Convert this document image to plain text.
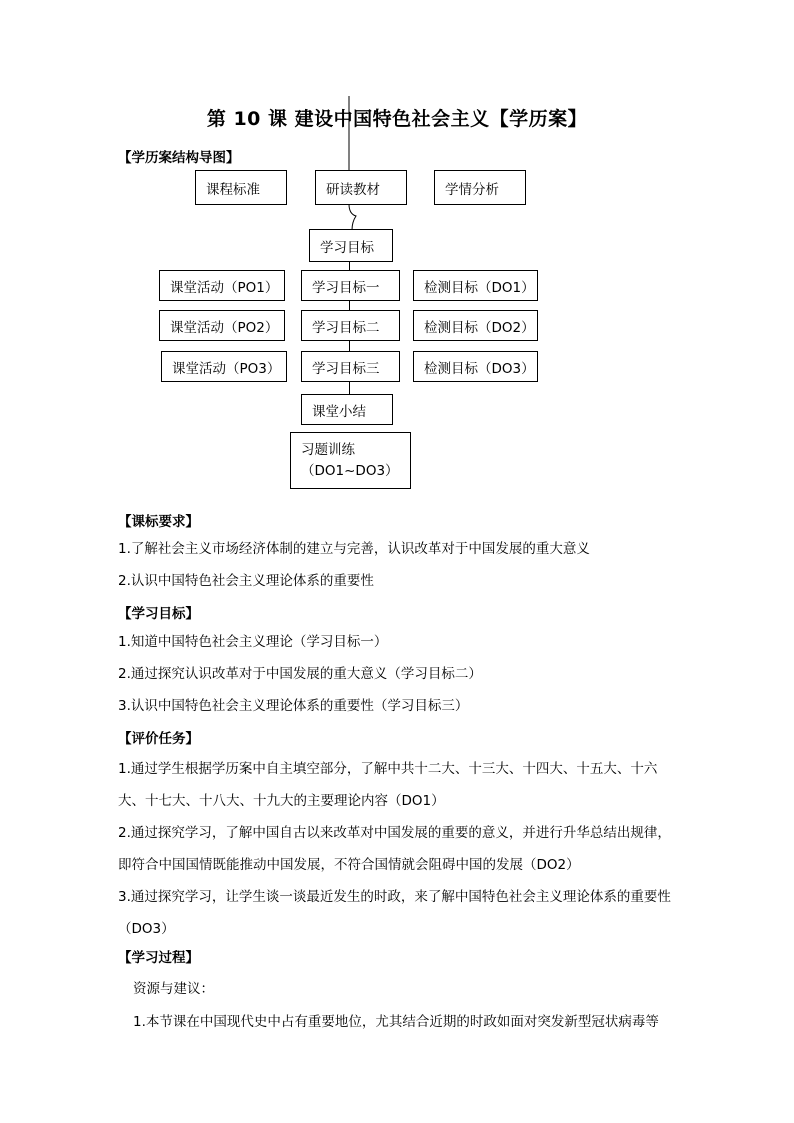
第 10 课 建设中国特色社会主义【学历案】
【学历案结构导图】
课程标准	研读教材	学情分析
学习目标
课堂活动（PO1）	学习目标一	检测目标（DO1）
课堂活动（PO2）	学习目标二	检测目标（DO2）
课堂活动（PO3）	学习目标三	检测目标（DO3）
课堂小结
习题训练
（DO1~DO3）
【课标要求】

1.了解社会主义市场经济体制的建立与完善，认识改革对于中国发展的重大意义

2.认识中国特色社会主义理论体系的重要性

【学习目标】

1.知道中国特色社会主义理论（学习目标一）

2.通过探究认识改革对于中国发展的重大意义（学习目标二）

3.认识中国特色社会主义理论体系的重要性（学习目标三）

【评价任务】

1.通过学生根据学历案中自主填空部分，了解中共十二大、十三大、十四大、十五大、十六大、十七大、十八大、十九大的主要理论内容（DO1）

2.通过探究学习，了解中国自古以来改革对中国发展的重要的意义，并进行升华总结出规律，即符合中国国情既能推动中国发展，不符合国情就会阻碍中国的发展（DO2）

3.通过探究学习，让学生谈一谈最近发生的时政，来了解中国特色社会主义理论体系的重要性（DO3）

【学习过程】
资源与建议：
1.本节课在中国现代史中占有重要地位，尤其结合近期的时政如面对突发新型冠状病毒等
